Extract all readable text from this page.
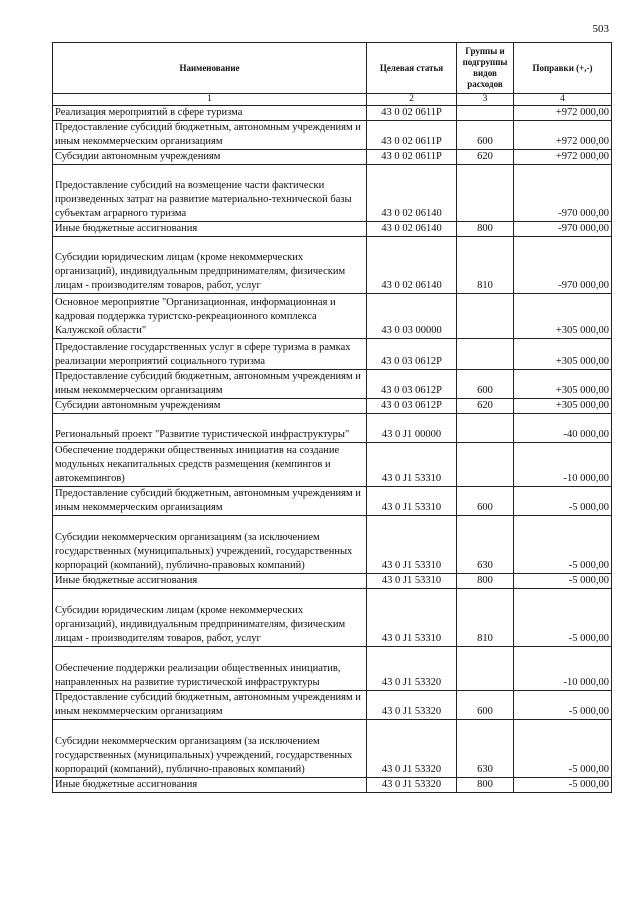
503
Наименование	Целевая статья	Группы и подгруппы видов расходов	Поправки (+,-)
1	2	3	4
Реализация мероприятий в сфере туризма	43 0 02 0611Р		+972 000,00
Предоставление субсидий бюджетным, автономным учреждениям и иным некоммерческим организациям	43 0 02 0611Р	600	+972 000,00
Субсидии автономным учреждениям	43 0 02 0611Р	620	+972 000,00
Предоставление субсидий на возмещение части фактически произведенных затрат на развитие материально-технической базы субъектам аграрного туризма	43 0 02 06140		-970 000,00
Иные бюджетные ассигнования	43 0 02 06140	800	-970 000,00
Субсидии юридическим лицам (кроме некоммерческих организаций), индивидуальным предпринимателям, физическим лицам - производителям товаров, работ, услуг	43 0 02 06140	810	-970 000,00
Основное мероприятие "Организационная, информационная и кадровая поддержка туристско-рекреационного комплекса Калужской области"	43 0 03 00000		+305 000,00
Предоставление государственных услуг в сфере туризма в рамках реализации мероприятий социального туризма	43 0 03 0612Р		+305 000,00
Предоставление субсидий бюджетным, автономным учреждениям и иным некоммерческим организациям	43 0 03 0612Р	600	+305 000,00
Субсидии автономным учреждениям	43 0 03 0612Р	620	+305 000,00
Региональный проект "Развитие туристической инфраструктуры"	43 0 J1 00000		-40 000,00
Обеспечение поддержки общественных инициатив на создание модульных некапитальных средств размещения (кемпингов и автокемпингов)	43 0 J1 53310		-10 000,00
Предоставление субсидий бюджетным, автономным учреждениям и иным некоммерческим организациям	43 0 J1 53310	600	-5 000,00
Субсидии некоммерческим организациям (за исключением государственных (муниципальных) учреждений, государственных корпораций (компаний), публично-правовых компаний)	43 0 J1 53310	630	-5 000,00
Иные бюджетные ассигнования	43 0 J1 53310	800	-5 000,00
Субсидии юридическим лицам (кроме некоммерческих организаций), индивидуальным предпринимателям, физическим лицам - производителям товаров, работ, услуг	43 0 J1 53310	810	-5 000,00
Обеспечение поддержки реализации общественных инициатив, направленных на развитие туристической инфраструктуры	43 0 J1 53320		-10 000,00
Предоставление субсидий бюджетным, автономным учреждениям и иным некоммерческим организациям	43 0 J1 53320	600	-5 000,00
Субсидии некоммерческим организациям (за исключением государственных (муниципальных) учреждений, государственных корпораций (компаний), публично-правовых компаний)	43 0 J1 53320	630	-5 000,00
Иные бюджетные ассигнования	43 0 J1 53320	800	-5 000,00
